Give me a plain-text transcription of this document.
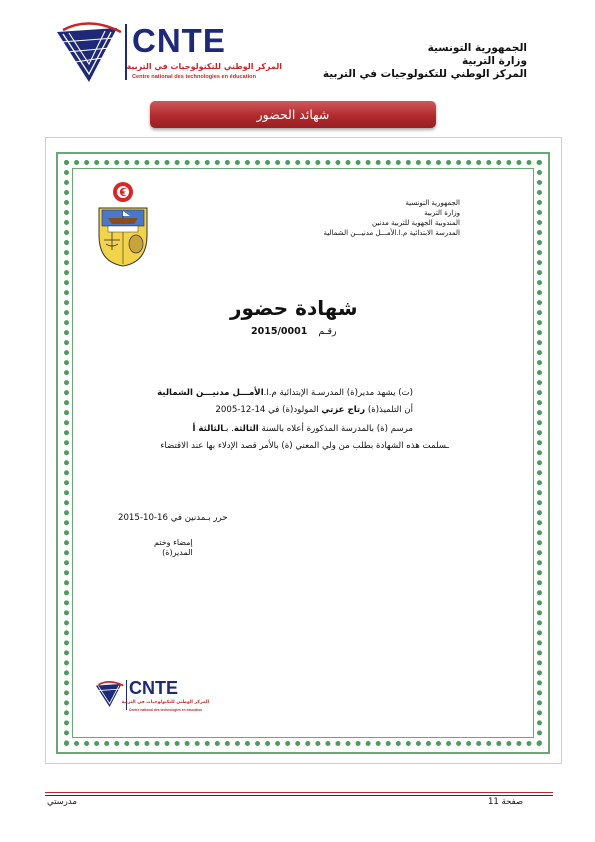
CNTE
المركز الوطني للتكنولوجيات في التربية
Centre national des technologies en éducation
الجمهورية التونسية
وزارة التربية
المركز الوطني للتكنولوجيات في التربية
شهائد الحضور
الجمهورية التونسية
وزارة التربية
المندوبية الجهوية للتربية مدنين
المدرسة الابتدائية م.ا.الأمـــل مدنيـــن الشمالية
شهادة حضور
2015/0001 رقـم
(ت) يشهد مدير(ة) المدرسـة الإبتدائية م.ا.الأمـــل مدنيـــن الشمالية
أن التلميذ(ة) رتاج عزتي المولود(ة) في 14-12-2005
مرسم (ة) بالمدرسة المذكورة أعلاه بالسنة الثالثة. بـالثالثة أ
ـسلمت هذه الشهادة بطلب من ولي المعني (ة) بالأمر قصد الإدلاء بها عند الاقتضاء
حرر بـمدنين في 16-10-2015
إمضاء وختم
المدير(ة)
CNTE
المركز الوطني للتكنولوجيات في التربية
Centre national des technologies en éducation
صفحة 11
مدرستي
